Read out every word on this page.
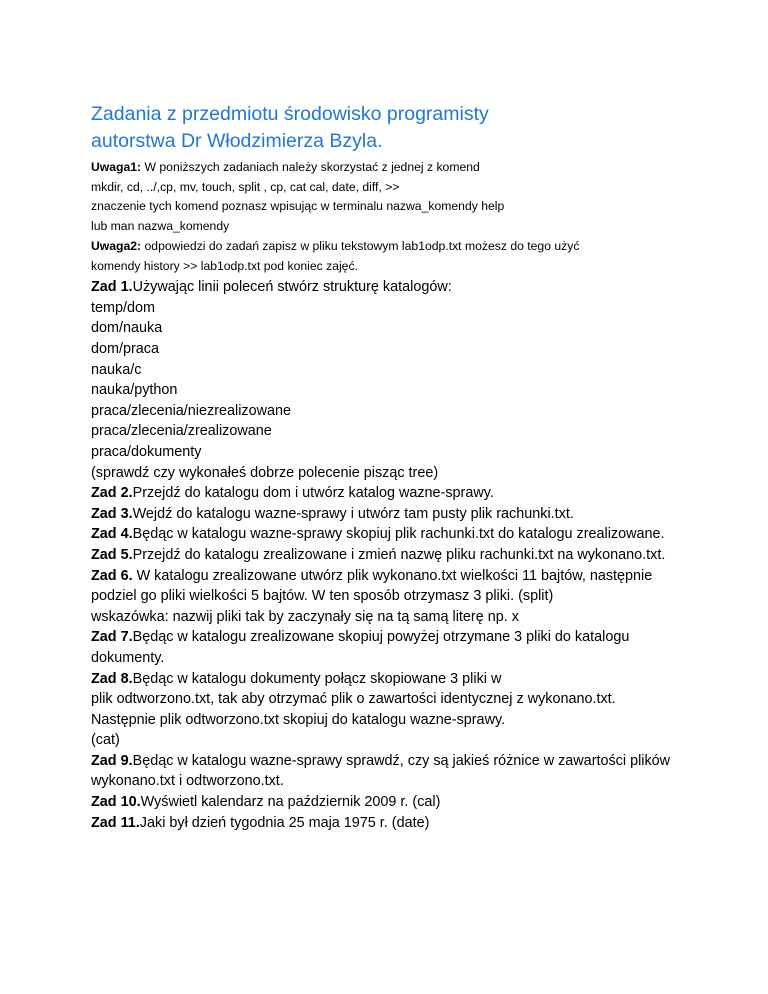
Zadania z przedmiotu środowisko programisty
autorstwa Dr Włodzimierza Bzyla.
Uwaga1: W poniższych zadaniach należy skorzystać z jednej z komend
mkdir, cd, ../,cp, mv, touch, split , cp, cat cal, date, diff, >>
znaczenie tych komend poznasz wpisując w terminalu nazwa_komendy help
lub man nazwa_komendy
Uwaga2: odpowiedzi do zadań zapisz w pliku tekstowym lab1odp.txt możesz do tego użyć
komendy history >> lab1odp.txt pod koniec zajęć.
Zad 1.Używając linii poleceń stwórz strukturę katalogów:
temp/dom
dom/nauka
dom/praca
nauka/c
nauka/python
praca/zlecenia/niezrealizowane
praca/zlecenia/zrealizowane
praca/dokumenty
(sprawdź czy wykonałeś dobrze polecenie pisząc tree)
Zad 2.Przejdź do katalogu dom i utwórz katalog wazne-sprawy.
Zad 3.Wejdź do katalogu wazne-sprawy i utwórz tam pusty plik rachunki.txt.
Zad 4.Będąc w katalogu wazne-sprawy skopiuj plik rachunki.txt do katalogu zrealizowane.
Zad 5.Przejdź do katalogu zrealizowane i zmień nazwę pliku rachunki.txt na wykonano.txt.
Zad 6. W katalogu zrealizowane utwórz plik wykonano.txt wielkości 11 bajtów, następnie
podziel go pliki wielkości 5 bajtów. W ten sposób otrzymasz 3 pliki. (split)
wskazówka: nazwij pliki tak by zaczynały się na tą samą literę np. x
Zad 7.Będąc w katalogu zrealizowane skopiuj powyżej otrzymane 3 pliki do katalogu
dokumenty.
Zad 8.Będąc w katalogu dokumenty połącz skopiowane 3 pliki w
plik odtworzono.txt, tak aby otrzymać plik o zawartości identycznej z wykonano.txt.
Następnie plik odtworzono.txt skopiuj do katalogu wazne-sprawy.
(cat)
Zad 9.Będąc w katalogu wazne-sprawy sprawdź, czy są jakieś różnice w zawartości plików
wykonano.txt i odtworzono.txt.
Zad 10.Wyświetl kalendarz na październik 2009 r. (cal)
Zad 11.Jaki był dzień tygodnia 25 maja 1975 r. (date)
